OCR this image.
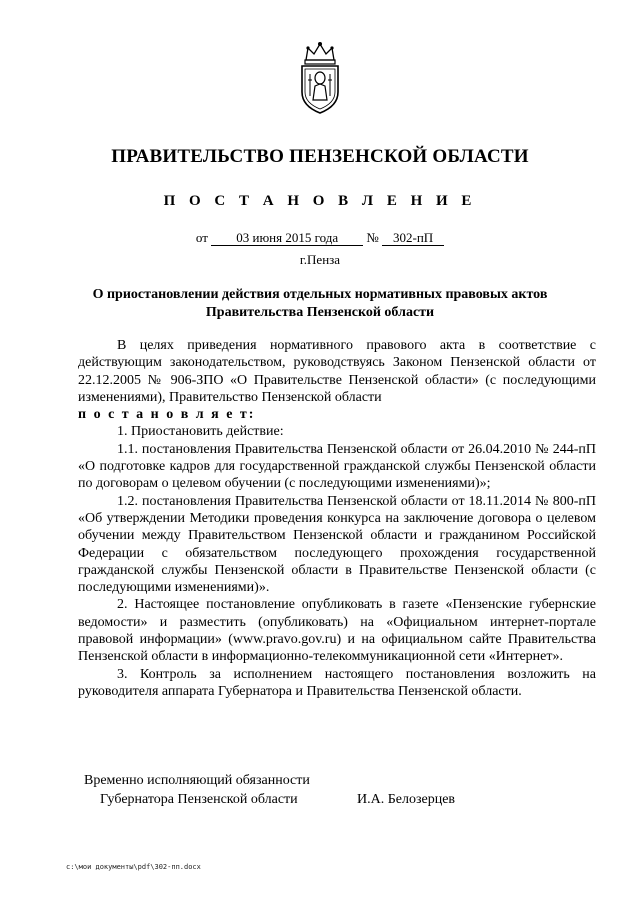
ПРАВИТЕЛЬСТВО ПЕНЗЕНСКОЙ ОБЛАСТИ
П О С Т А Н О В Л Е Н И Е
от 03 июня 2015 года № 302-пП
г.Пенза
О приостановлении действия отдельных нормативных правовых актов
Правительства Пензенской области

В целях приведения нормативного правового акта в соответствие с действующим законодательством, руководствуясь Законом Пензенской области от 22.12.2005 № 906-ЗПО «О Правительстве Пензенской области» (с последующими изменениями), Правительство Пензенской области

п о с т а н о в л я е т:

1. Приостановить действие:

1.1. постановления Правительства Пензенской области от 26.04.2010 № 244-пП «О подготовке кадров для государственной гражданской службы Пензенской области по договорам о целевом обучении (с последующими изменениями)»;

1.2. постановления Правительства Пензенской области от 18.11.2014 № 800-пП «Об утверждении Методики проведения конкурса на заключение договора о целевом обучении между Правительством Пензенской области и гражданином Российской Федерации с обязательством последующего прохождения государственной гражданской службы Пензенской области в Правительстве Пензенской области (с последующими изменениями)».

2. Настоящее постановление опубликовать в газете «Пензенские губернские ведомости» и разместить (опубликовать) на «Официальном интернет-портале правовой информации» (www.pravo.gov.ru) и на официальном сайте Правительства Пензенской области в информационно-телекоммуникационной сети «Интернет».

3. Контроль за исполнением настоящего постановления возложить на руководителя аппарата Губернатора и Правительства Пензенской области.

Временно исполняющий обязанности
Губернатора Пензенской области	И.А. Белозерцев
c:\мои документы\pdf\302-пп.docx
